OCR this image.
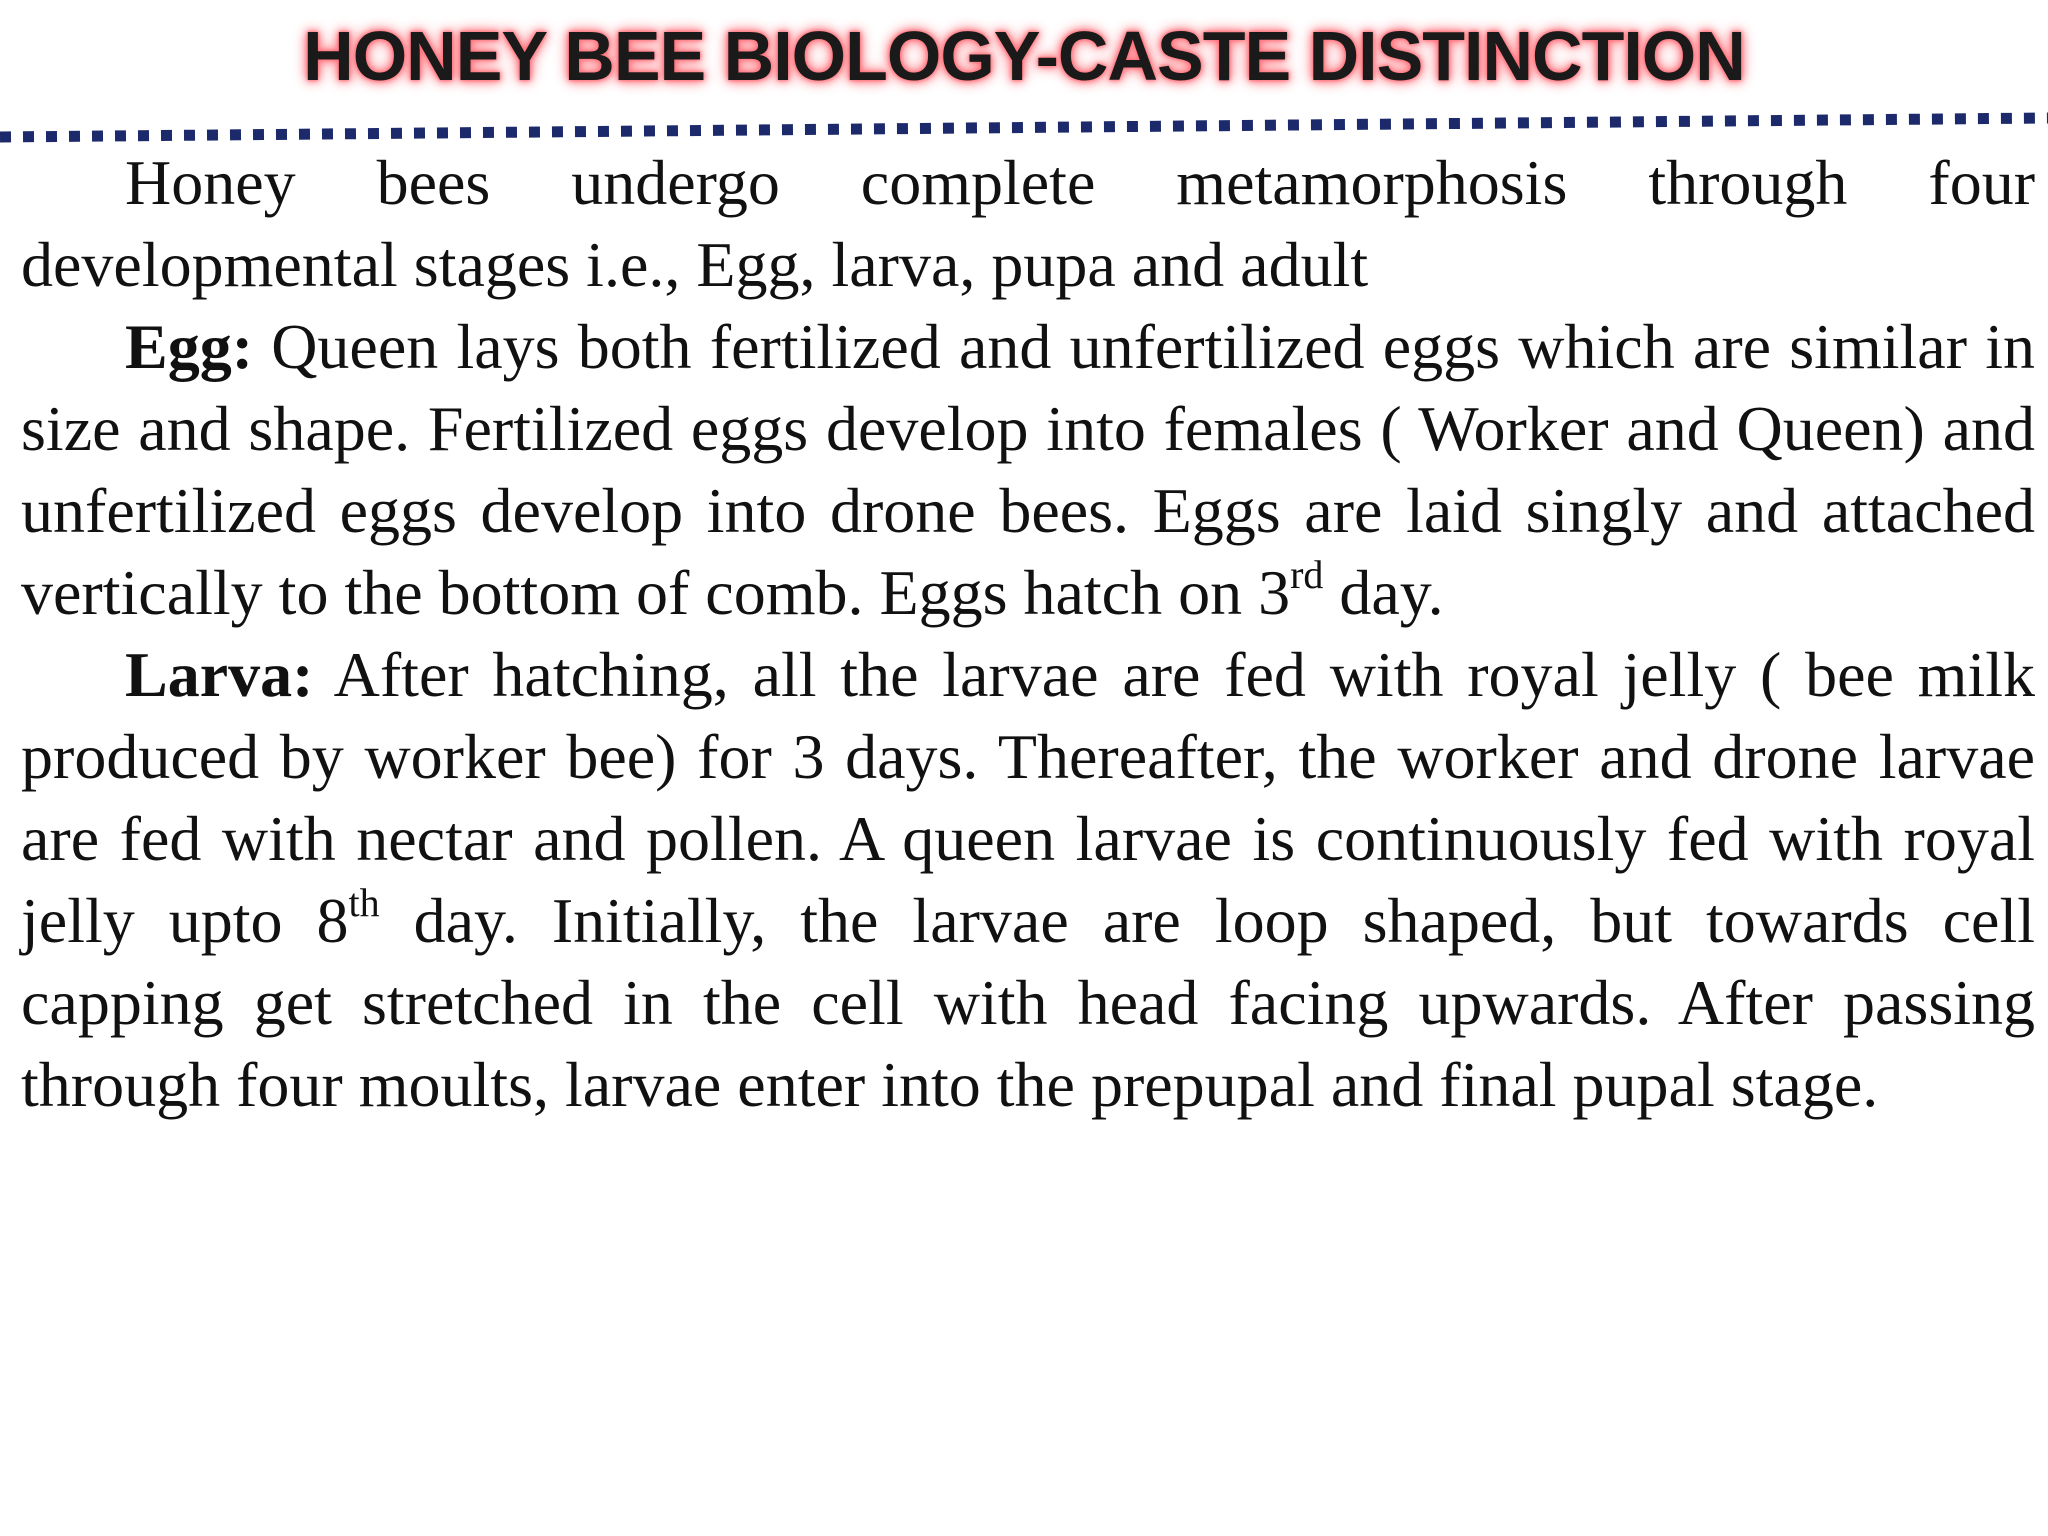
HONEY BEE BIOLOGY-CASTE DISTINCTION

Honey bees undergo complete metamorphosis through four developmental stages i.e., Egg, larva, pupa and adult

Egg: Queen lays both fertilized and unfertilized eggs which are similar in size and shape. Fertilized eggs develop into females ( Worker and Queen) and unfertilized eggs develop into drone bees. Eggs are laid singly and attached vertically to the bottom of comb. Eggs hatch on 3rd day.

Larva: After hatching, all the larvae are fed with royal jelly ( bee milk produced by worker bee) for 3 days. Thereafter, the worker and drone larvae are fed with nectar and pollen. A queen larvae is continuously fed with royal jelly upto 8th day. Initially, the larvae are loop shaped, but towards cell capping get stretched in the cell with head facing upwards. After passing through four moults, larvae enter into the prepupal and final pupal stage.
